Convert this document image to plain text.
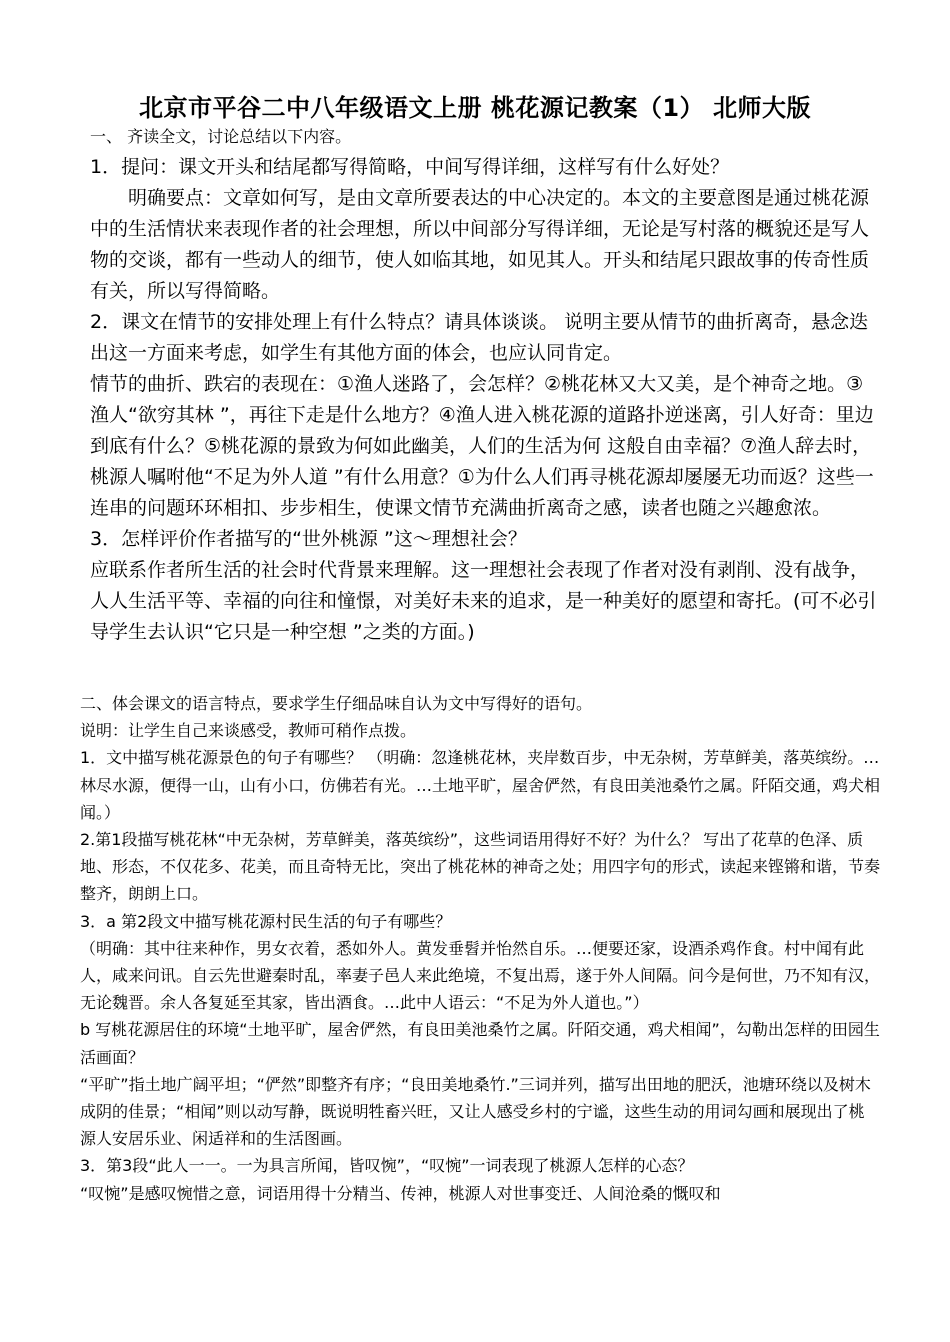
北京市平谷二中八年级语文上册 桃花源记教案（1） 北师大版

一、 齐读全文，讨论总结以下内容。

1．提问：课文开头和结尾都写得简略，中间写得详细，这样写有什么好处？

明确要点：文章如何写，是由文章所要表达的中心决定的。本文的主要意图是通过桃花源中的生活情状来表现作者的社会理想，所以中间部分写得详细，无论是写村落的概貌还是写人物的交谈，都有一些动人的细节，使人如临其地，如见其人。开头和结尾只跟故事的传奇性质有关，所以写得简略。

2．课文在情节的安排处理上有什么特点？请具体谈谈。 说明主要从情节的曲折离奇，悬念迭出这一方面来考虑，如学生有其他方面的体会，也应认同肯定。

情节的曲折、跌宕的表现在：①渔人迷路了，会怎样？②桃花林又大又美，是个神奇之地。③渔人“欲穷其林 ”，再往下走是什么地方？④渔人进入桃花源的道路扑逆迷离，引人好奇：里边到底有什么？⑤桃花源的景致为何如此幽美，人们的生活为何 这般自由幸福？⑦渔人辞去时，桃源人嘱咐他“不足为外人道 ”有什么用意？①为什么人们再寻桃花源却屡屡无功而返？这些一连串的问题环环相扣、步步相生，使课文情节充满曲折离奇之感，读者也随之兴趣愈浓。

3．怎样评价作者描写的“世外桃源 ”这～理想社会？

应联系作者所生活的社会时代背景来理解。这一理想社会表现了作者对没有剥削、没有战争，人人生活平等、幸福的向往和憧憬，对美好未来的追求，是一种美好的愿望和寄托。(可不必引导学生去认识“它只是一种空想 ”之类的方面。)

二、体会课文的语言特点，要求学生仔细品味自认为文中写得好的语句。

说明：让学生自己来谈感受，教师可稍作点拨。

1．文中描写桃花源景色的句子有哪些？ （明确：忽逢桃花林，夹岸数百步，中无杂树，芳草鲜美，落英缤纷。…林尽水源，便得一山，山有小口，仿佛若有光。…土地平旷，屋舍俨然，有良田美池桑竹之属。阡陌交通，鸡犬相闻。）

2.第1段描写桃花林“中无杂树，芳草鲜美，落英缤纷”，这些词语用得好不好？为什么？ 写出了花草的色泽、质地、形态，不仅花多、花美，而且奇特无比，突出了桃花林的神奇之处；用四字句的形式，读起来铿锵和谐，节奏整齐，朗朗上口。

3．a 第2段文中描写桃花源村民生活的句子有哪些？

（明确：其中往来种作，男女衣着，悉如外人。黄发垂髫并怡然自乐。…便要还家，设酒杀鸡作食。村中闻有此人，咸来问讯。自云先世避秦时乱，率妻子邑人来此绝境，不复出焉，遂于外人间隔。问今是何世，乃不知有汉，无论魏晋。余人各复延至其家，皆出酒食。…此中人语云：“不足为外人道也。”）

b 写桃花源居住的环境“土地平旷，屋舍俨然，有良田美池桑竹之属。阡陌交通，鸡犬相闻”，勾勒出怎样的田园生活画面？

“平旷”指土地广阔平坦；“俨然”即整齐有序；“良田美地桑竹.”三词并列，描写出田地的肥沃，池塘环绕以及树木成阴的佳景；“相闻”则以动写静，既说明牲畜兴旺，又让人感受乡村的宁谧，这些生动的用词勾画和展现出了桃源人安居乐业、闲适祥和的生活图画。

3．第3段“此人一一。一为具言所闻，皆叹惋”，“叹惋”一词表现了桃源人怎样的心态？

“叹惋”是感叹惋惜之意，词语用得十分精当、传神，桃源人对世事变迁、人间沧桑的慨叹和
